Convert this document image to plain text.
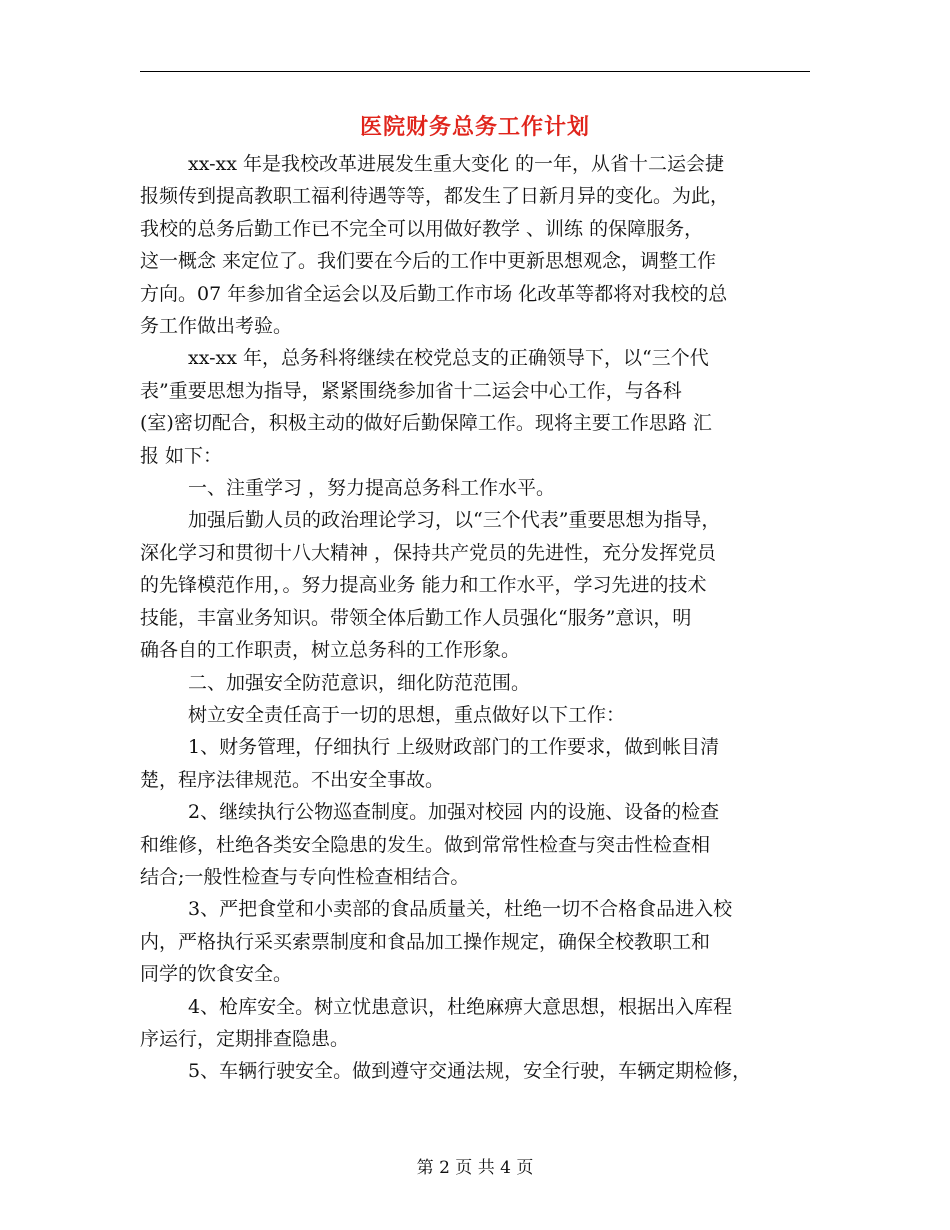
医院财务总务工作计划
xx-xx 年是我校改革进展发生重大变化 的一年，从省十二运会捷
报频传到提高教职工福利待遇等等，都发生了日新月异的变化。为此，
我校的总务后勤工作已不完全可以用做好教学 、训练 的保障服务，
这一概念 来定位了。我们要在今后的工作中更新思想观念，调整工作
方向。07 年参加省全运会以及后勤工作市场 化改革等都将对我校的总
务工作做出考验。
xx-xx 年，总务科将继续在校党总支的正确领导下，以“三个代
表”重要思想为指导，紧紧围绕参加省十二运会中心工作，与各科
(室)密切配合，积极主动的做好后勤保障工作。现将主要工作思路 汇
报 如下：
一、注重学习 ，努力提高总务科工作水平。
加强后勤人员的政治理论学习，以“三个代表”重要思想为指导，
深化学习和贯彻十八大精神 ，保持共产党员的先进性，充分发挥党员
的先锋模范作用，。努力提高业务 能力和工作水平，学习先进的技术
技能，丰富业务知识。带领全体后勤工作人员强化“服务”意识，明
确各自的工作职责，树立总务科的工作形象。
二、加强安全防范意识，细化防范范围。
树立安全责任高于一切的思想，重点做好以下工作：
1、财务管理，仔细执行 上级财政部门的工作要求，做到帐目清
楚，程序法律规范。不出安全事故。
2、继续执行公物巡查制度。加强对校园 内的设施、设备的检查
和维修，杜绝各类安全隐患的发生。做到常常性检查与突击性检查相
结合;一般性检查与专向性检查相结合。
3、严把食堂和小卖部的食品质量关，杜绝一切不合格食品进入校
内，严格执行采买索票制度和食品加工操作规定，确保全校教职工和
同学的饮食安全。
4、枪库安全。树立忧患意识，杜绝麻痹大意思想，根据出入库程
序运行，定期排查隐患。
5、车辆行驶安全。做到遵守交通法规，安全行驶，车辆定期检修，
第 2 页 共 4 页
